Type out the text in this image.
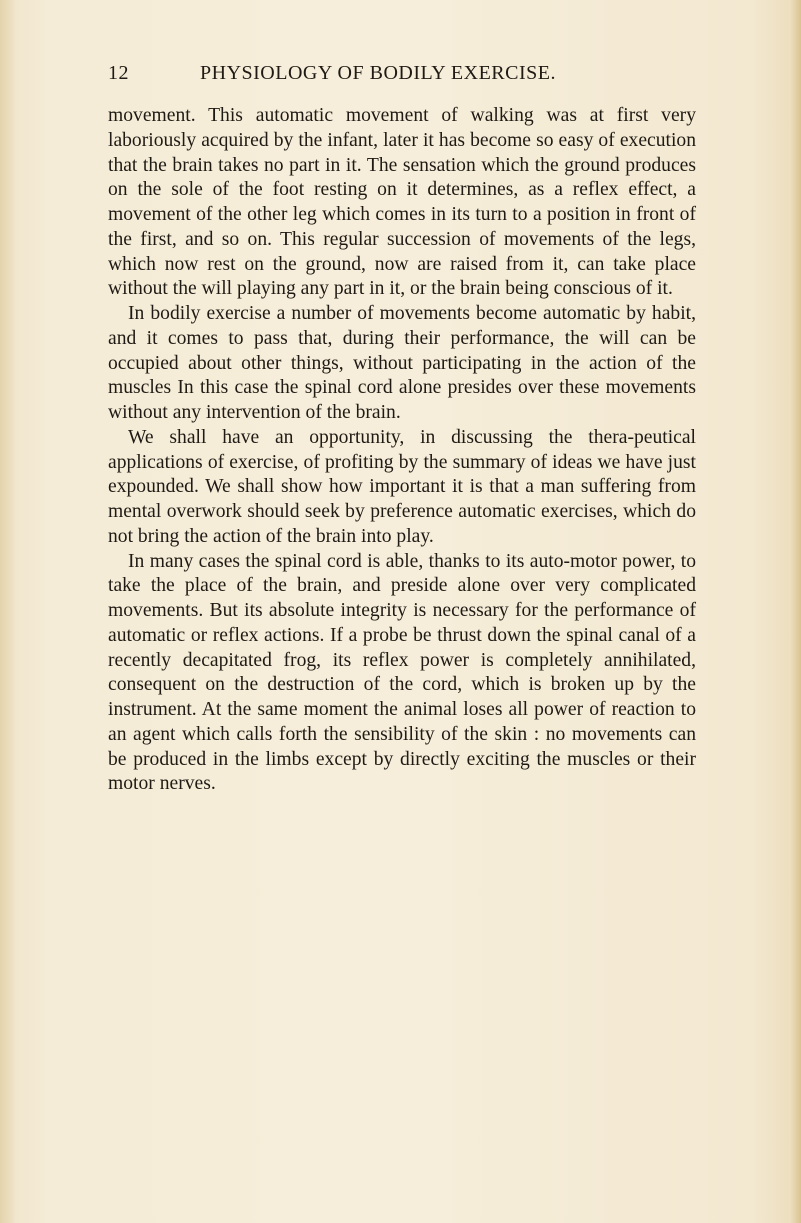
12	PHYSIOLOGY OF BODILY EXERCISE.

movement. This automatic movement of walking was at first very laboriously acquired by the infant, later it has become so easy of execution that the brain takes no part in it. The sensation which the ground produces on the sole of the foot resting on it determines, as a reflex effect, a movement of the other leg which comes in its turn to a position in front of the first, and so on. This regular succession of movements of the legs, which now rest on the ground, now are raised from it, can take place without the will playing any part in it, or the brain being conscious of it.

In bodily exercise a number of movements become automatic by habit, and it comes to pass that, during their performance, the will can be occupied about other things, without participating in the action of the muscles In this case the spinal cord alone presides over these movements without any intervention of the brain.

We shall have an opportunity, in discussing the thera-peutical applications of exercise, of profiting by the summary of ideas we have just expounded. We shall show how important it is that a man suffering from mental overwork should seek by preference automatic exercises, which do not bring the action of the brain into play.

In many cases the spinal cord is able, thanks to its auto-motor power, to take the place of the brain, and preside alone over very complicated movements. But its absolute integrity is necessary for the performance of automatic or reflex actions. If a probe be thrust down the spinal canal of a recently decapitated frog, its reflex power is completely annihilated, consequent on the destruction of the cord, which is broken up by the instrument. At the same moment the animal loses all power of reaction to an agent which calls forth the sensibility of the skin : no movements can be produced in the limbs except by directly exciting the muscles or their motor nerves.
